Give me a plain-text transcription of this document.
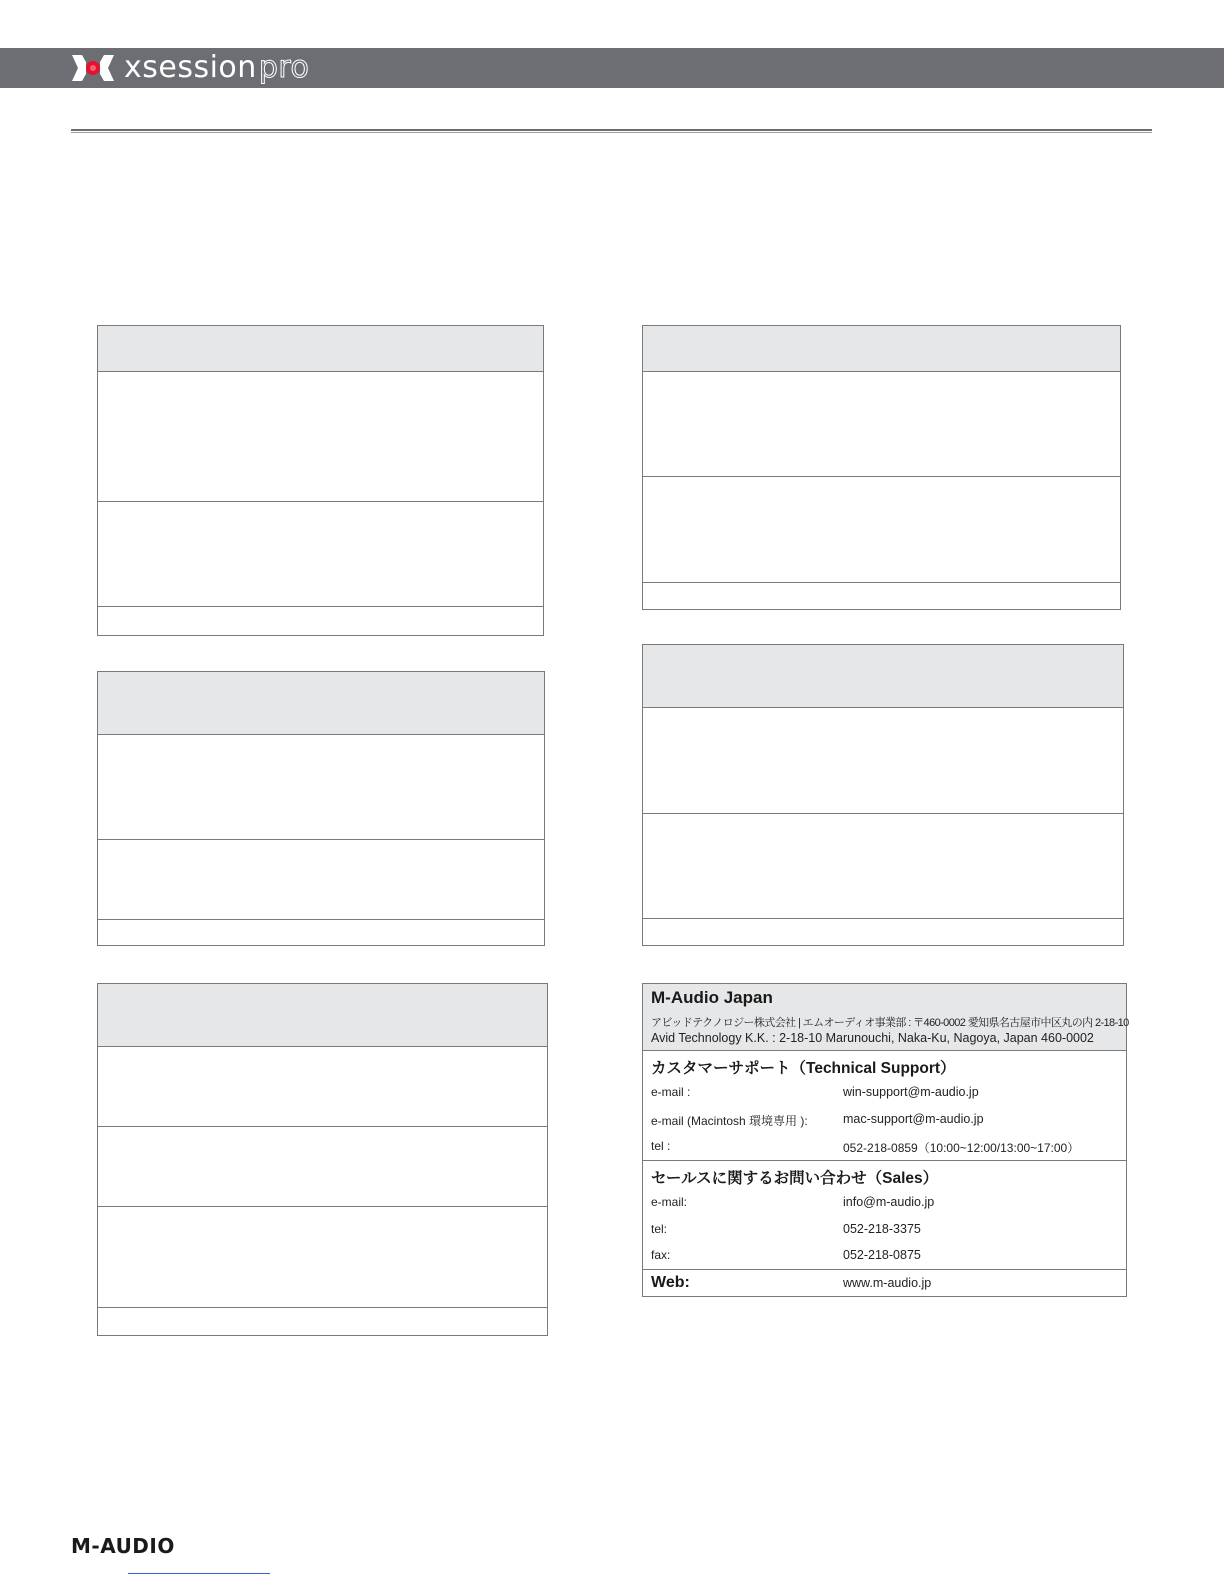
xsessionpro
M-Audio Japan
アビッドテクノロジー株式会社 | エムオーディオ事業部 : 〒460-0002 愛知県名古屋市中区丸の内 2-18-10
Avid Technology K.K. : 2-18-10 Marunouchi, Naka-Ku, Nagoya, Japan 460-0002
カスタマーサポート（Technical Support）
e-mail :	win-support@m-audio.jp
e-mail (Macintosh 環境専用 ):	mac-support@m-audio.jp
tel :	052-218-0859（10:00~12:00/13:00~17:00）
セールスに関するお問い合わせ（Sales）
e-mail:	info@m-audio.jp
tel:	052-218-3375
fax:	052-218-0875
Web:	www.m-audio.jp
M-AUDIO
